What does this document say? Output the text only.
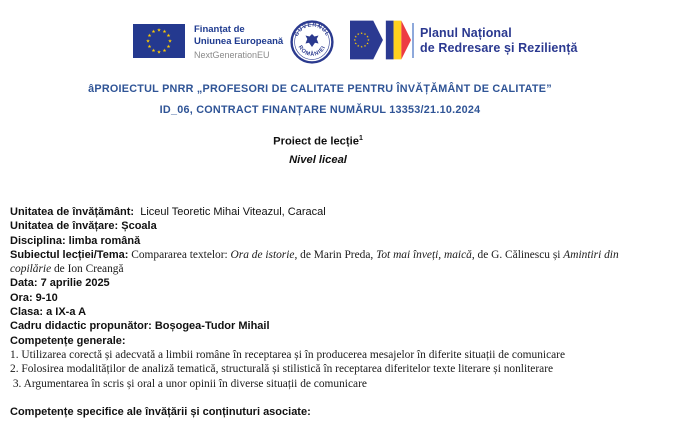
Finanțat de
Uniunea Europeană
NextGenerationEU
GUVERNUL
ROMÂNIEI
Planul Național
de Redresare și Reziliență
âPROIECTUL PNRR „PROFESORI DE CALITATE PENTRU ÎNVĂȚĂMÂNT DE CALITATE”
ID_06, CONTRACT FINANȚARE NUMĂRUL 13353/21.10.2024
Proiect de lecție$^1$
Nivel liceal
Unitatea de învățământ:  Liceul Teoretic Mihai Viteazul, Caracal
Unitatea de învățare: Școala
Disciplina: limba română
Subiectul lecției/Tema: Compararea textelor: Ora de istorie, de Marin Preda, Tot mai înveți, maică, de G. Călinescu și Amintiri din
copilărie de Ion Creangă
Data: 7 aprilie 2025
Ora: 9-10
Clasa: a IX-a A
Cadru didactic propunător: Boșogea-Tudor Mihail
Competențe generale:
1. Utilizarea corectă și adecvată a limbii române în receptarea și în producerea mesajelor în diferite situații de comunicare
2. Folosirea modalităților de analiză tematică, structurală și stilistică în receptarea diferitelor texte literare și nonliterare
3. Argumentarea în scris și oral a unor opinii în diverse situații de comunicare
Competențe specifice ale învățării și conținuturi asociate:
